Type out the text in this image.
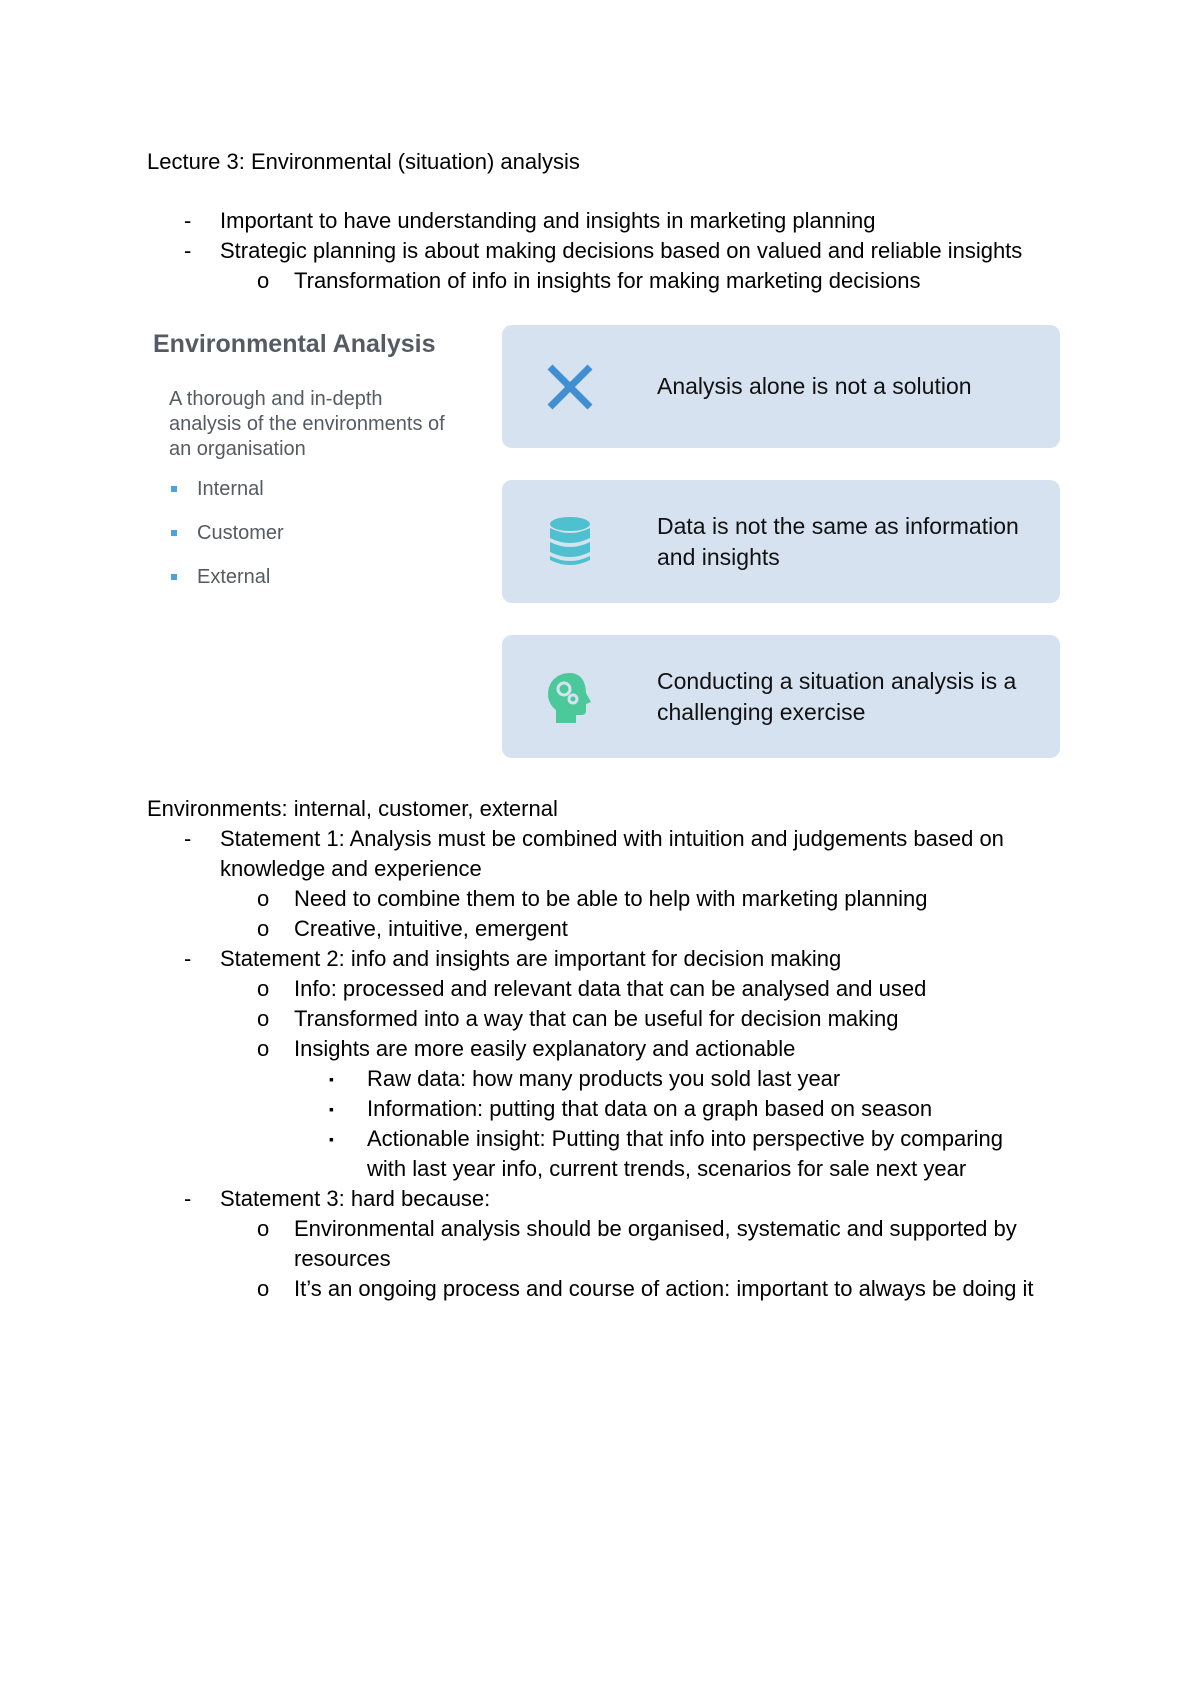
Lecture 3: Environmental (situation) analysis
- Important to have understanding and insights in marketing planning
- Strategic planning is about making decisions based on valued and reliable insights
o Transformation of info in insights for making marketing decisions
Environmental Analysis
A thorough and in-depth analysis of the environments of an organisation
Internal
Customer
External
Analysis alone is not a solution
Data is not the same as information and insights
Conducting a situation analysis is a challenging exercise
Environments: internal, customer, external
- Statement 1: Analysis must be combined with intuition and judgements based on knowledge and experience
o Need to combine them to be able to help with marketing planning
o Creative, intuitive, emergent
- Statement 2: info and insights are important for decision making
o Info: processed and relevant data that can be analysed and used
o Transformed into a way that can be useful for decision making
o Insights are more easily explanatory and actionable
▪ Raw data: how many products you sold last year
▪ Information: putting that data on a graph based on season
▪ Actionable insight: Putting that info into perspective by comparing with last year info, current trends, scenarios for sale next year
- Statement 3: hard because:
o Environmental analysis should be organised, systematic and supported by resources
o It’s an ongoing process and course of action: important to always be doing it
